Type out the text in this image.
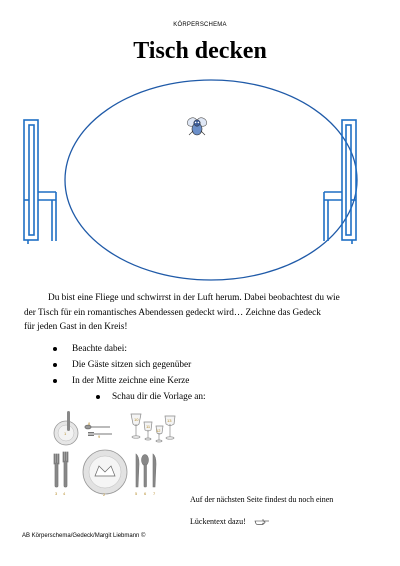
KÖRPERSCHEMA
Tisch decken
Du bist eine Fliege und schwirrst in der Luft herum. Dabei beobachtest du wie
der Tisch für ein romantisches Abendessen gedeckt wird… Zeichne das Gedeck
für jeden Gast in den Kreis!
Beachte dabei:
Die Gäste sitzen sich gegenüber
In der Mitte zeichne eine Kerze
Schau dir die Vorlage an:
1
2
3 4	5 6 7
8
9
10
11
12
13
Auf der nächsten Seite findest du noch einen
Lückentext dazu!
AB Körperschema/Gedeck/Margit Liebmann ©
